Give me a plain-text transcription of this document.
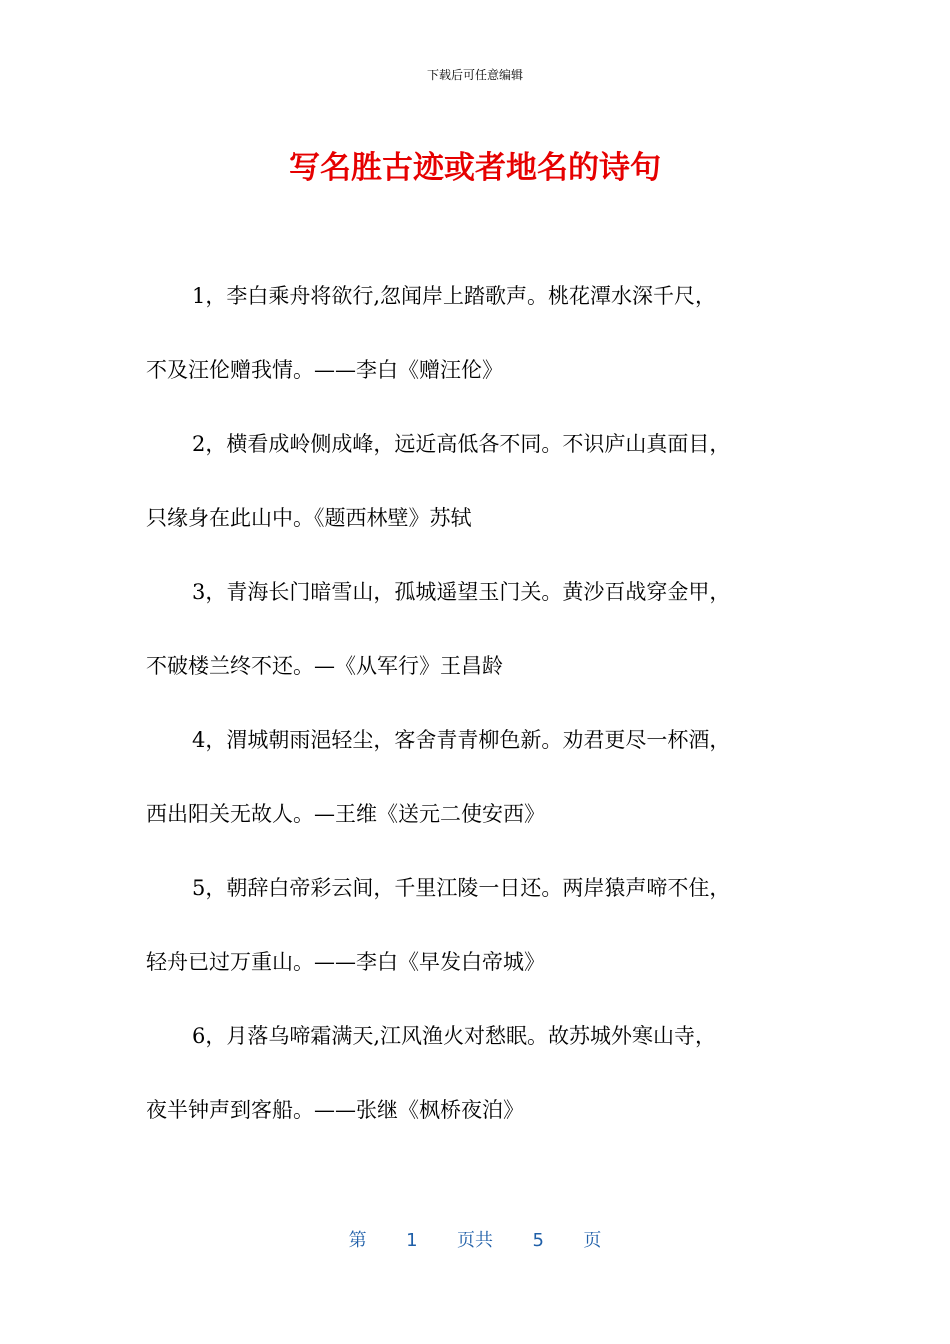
下载后可任意编辑
写名胜古迹或者地名的诗句
1，李白乘舟将欲行,忽闻岸上踏歌声。桃花潭水深千尺，
不及汪伦赠我情。——李白《赠汪伦》
2，横看成岭侧成峰，远近高低各不同。不识庐山真面目，
只缘身在此山中。《题西林壁》苏轼
3，青海长门暗雪山，孤城遥望玉门关。黄沙百战穿金甲，
不破楼兰终不还。—《从军行》王昌龄
4，渭城朝雨浥轻尘，客舍青青柳色新。劝君更尽一杯酒，
西出阳关无故人。—王维《送元二使安西》
5，朝辞白帝彩云间，千里江陵一日还。两岸猿声啼不住，
轻舟已过万重山。——李白《早发白帝城》
6，月落乌啼霜满天,江风渔火对愁眠。故苏城外寒山寺，
夜半钟声到客船。——张继《枫桥夜泊》
第 1 页共 5 页
